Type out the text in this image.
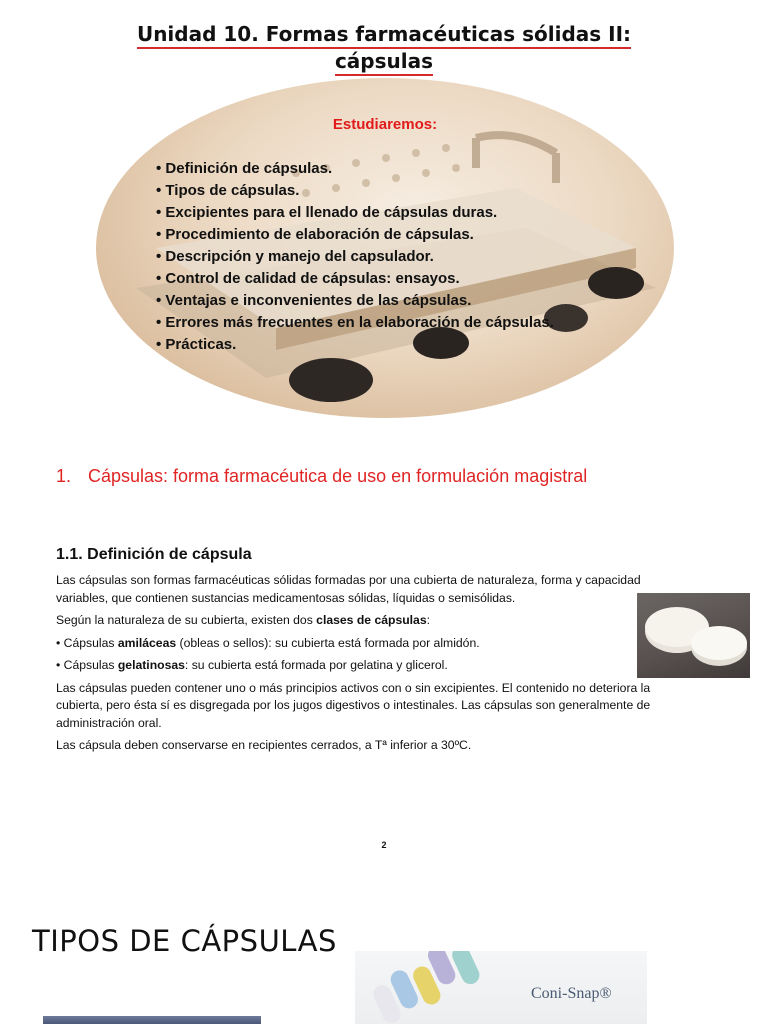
Unidad 10. Formas farmacéuticas sólidas II:
cápsulas
Estudiaremos:
• Definición de cápsulas.
• Tipos de cápsulas.
• Excipientes para el llenado de cápsulas duras.
• Procedimiento de elaboración de cápsulas.
• Descripción y manejo del capsulador.
• Control de calidad de cápsulas: ensayos.
• Ventajas e inconvenientes de las cápsulas.
• Errores más frecuentes en la elaboración de cápsulas.
• Prácticas.
1. Cápsulas: forma farmacéutica de uso en formulación magistral
1.1. Definición de cápsula

Las cápsulas son formas farmacéuticas sólidas formadas por una cubierta de naturaleza, forma y capacidad variables, que contienen sustancias medicamentosas sólidas, líquidas o semisólidas.

Según la naturaleza de su cubierta, existen dos clases de cápsulas:

• Cápsulas amiláceas (obleas o sellos): su cubierta está formada por almidón.

• Cápsulas gelatinosas: su cubierta está formada por gelatina y glicerol.

Las cápsulas pueden contener uno o más principios activos con o sin excipientes. El contenido no deteriora la cubierta, pero ésta sí es disgregada por los jugos digestivos o intestinales. Las cápsulas son generalmente de administración oral.

Las cápsula deben conservarse en recipientes cerrados, a Tª inferior a 30ºC.

2
TIPOS DE CÁPSULAS
Coni-Snap®
